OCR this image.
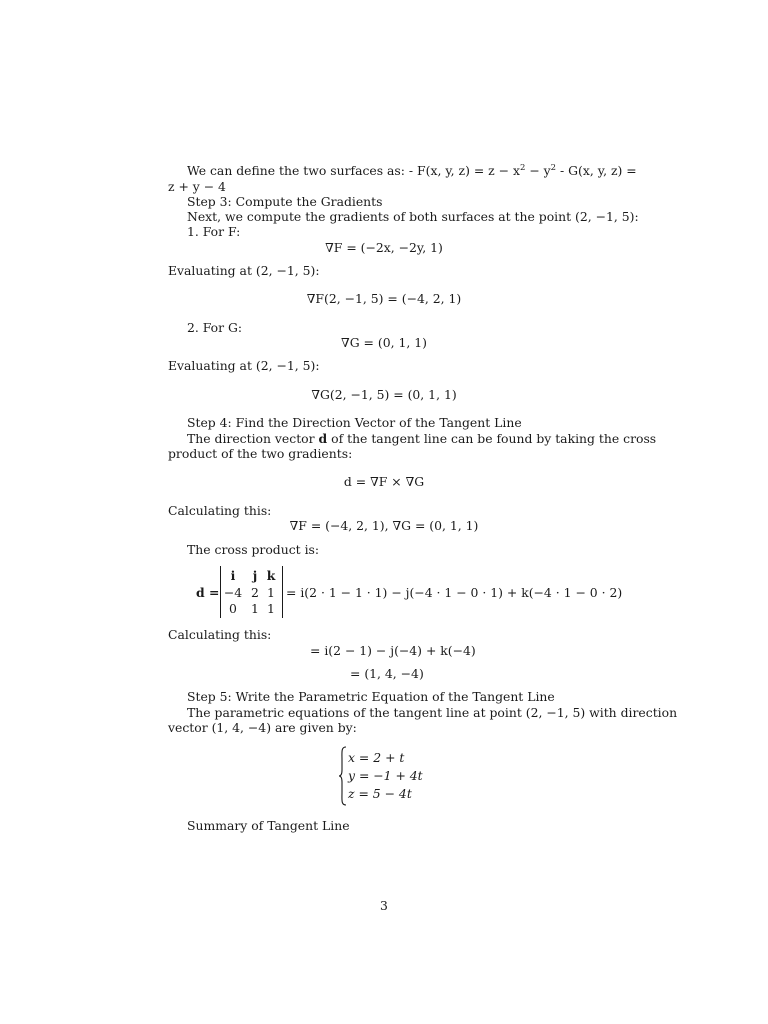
We can define the two surfaces as: - F(x, y, $z) = z - x^2 - y^2 - G(x$, y, z) =
z + y − 4
Step 3: Compute the Gradients
Next, we compute the gradients of both surfaces at the point (2, −1, 5):
1. For F:
∇F = (−2x, −2y, 1)
Evaluating at (2, −1, 5):
∇F(2, −1, 5) = (−4, 2, 1)
2. For G:
∇G = (0, 1, 1)
Evaluating at (2, −1, 5):
∇G(2, −1, 5) = (0, 1, 1)
Step 4: Find the Direction Vector of the Tangent Line
The direction vector d of the tangent line can be found by taking the cross
product of the two gradients:
d = ∇F × ∇G
Calculating this:
∇F = (−4, 2, 1), ∇G = (0, 1, 1)
The cross product is:
d =
i	j k
−4 2 1
0	1 1
= i(2 · 1 − 1 · 1) − j(−4 · 1 − 0 · 1) + k(−4 · 1 − 0 · 2)
Calculating this:
= i(2 − 1) − j(−4) + k(−4)
= (1, 4, −4)
Step 5: Write the Parametric Equation of the Tangent Line
The parametric equations of the tangent line at point (2, −1, 5) with direction
vector (1, 4, −4) are given by:
x = 2 + t
y = −1 + 4t
z = 5 − 4t
Summary of Tangent Line
3
